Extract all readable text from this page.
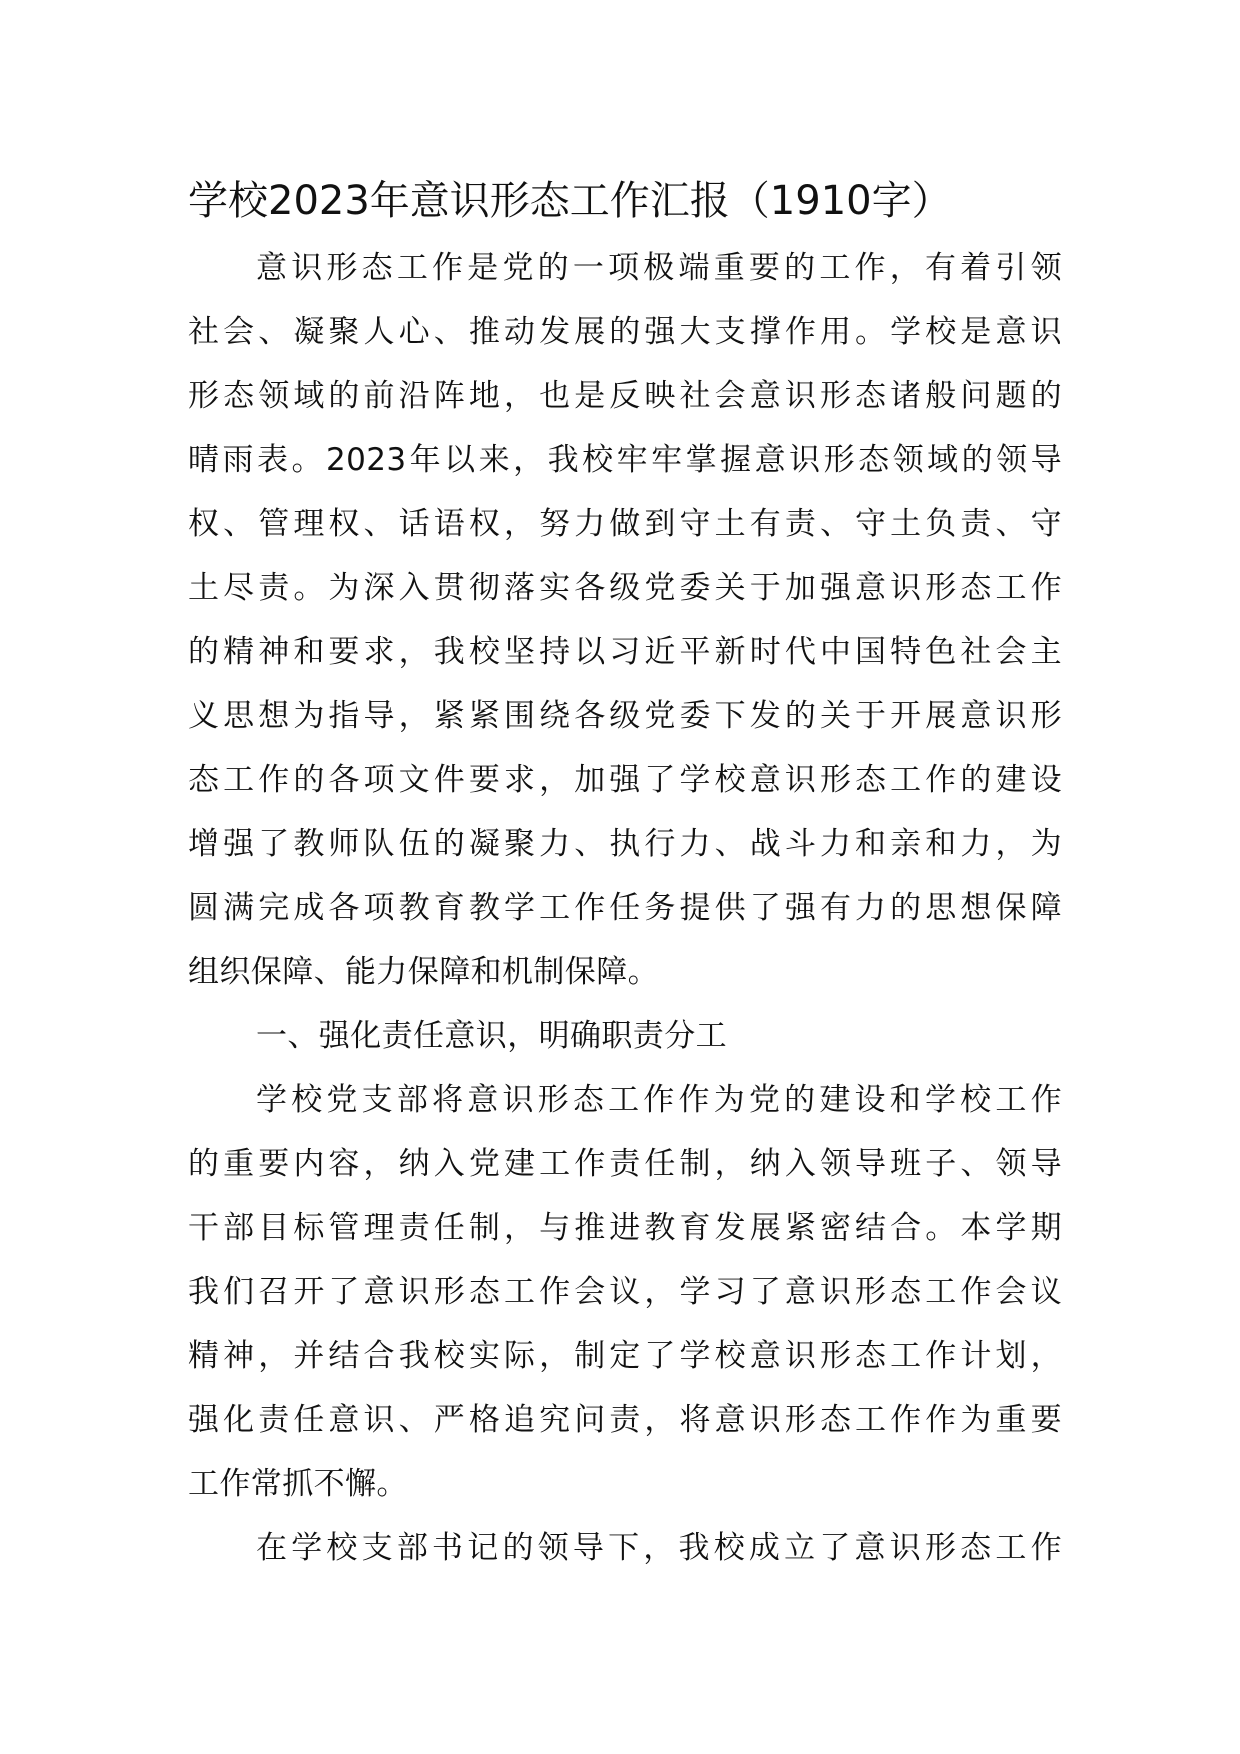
学校2023年意识形态工作汇报（1910字）
意识形态工作是党的一项极端重要的工作，有着引领
社会、凝聚人心、推动发展的强大支撑作用。学校是意识
形态领域的前沿阵地，也是反映社会意识形态诸般问题的
晴雨表。2023年以来，我校牢牢掌握意识形态领域的领导
权、管理权、话语权，努力做到守土有责、守土负责、守
土尽责。为深入贯彻落实各级党委关于加强意识形态工作
的精神和要求，我校坚持以习近平新时代中国特色社会主
义思想为指导，紧紧围绕各级党委下发的关于开展意识形
态工作的各项文件要求，加强了学校意识形态工作的建设
增强了教师队伍的凝聚力、执行力、战斗力和亲和力，为
圆满完成各项教育教学工作任务提供了强有力的思想保障
组织保障、能力保障和机制保障。
一、强化责任意识，明确职责分工
学校党支部将意识形态工作作为党的建设和学校工作
的重要内容，纳入党建工作责任制，纳入领导班子、领导
干部目标管理责任制，与推进教育发展紧密结合。本学期
我们召开了意识形态工作会议，学习了意识形态工作会议
精神，并结合我校实际，制定了学校意识形态工作计划，
强化责任意识、严格追究问责，将意识形态工作作为重要
工作常抓不懈。
在学校支部书记的领导下，我校成立了意识形态工作
